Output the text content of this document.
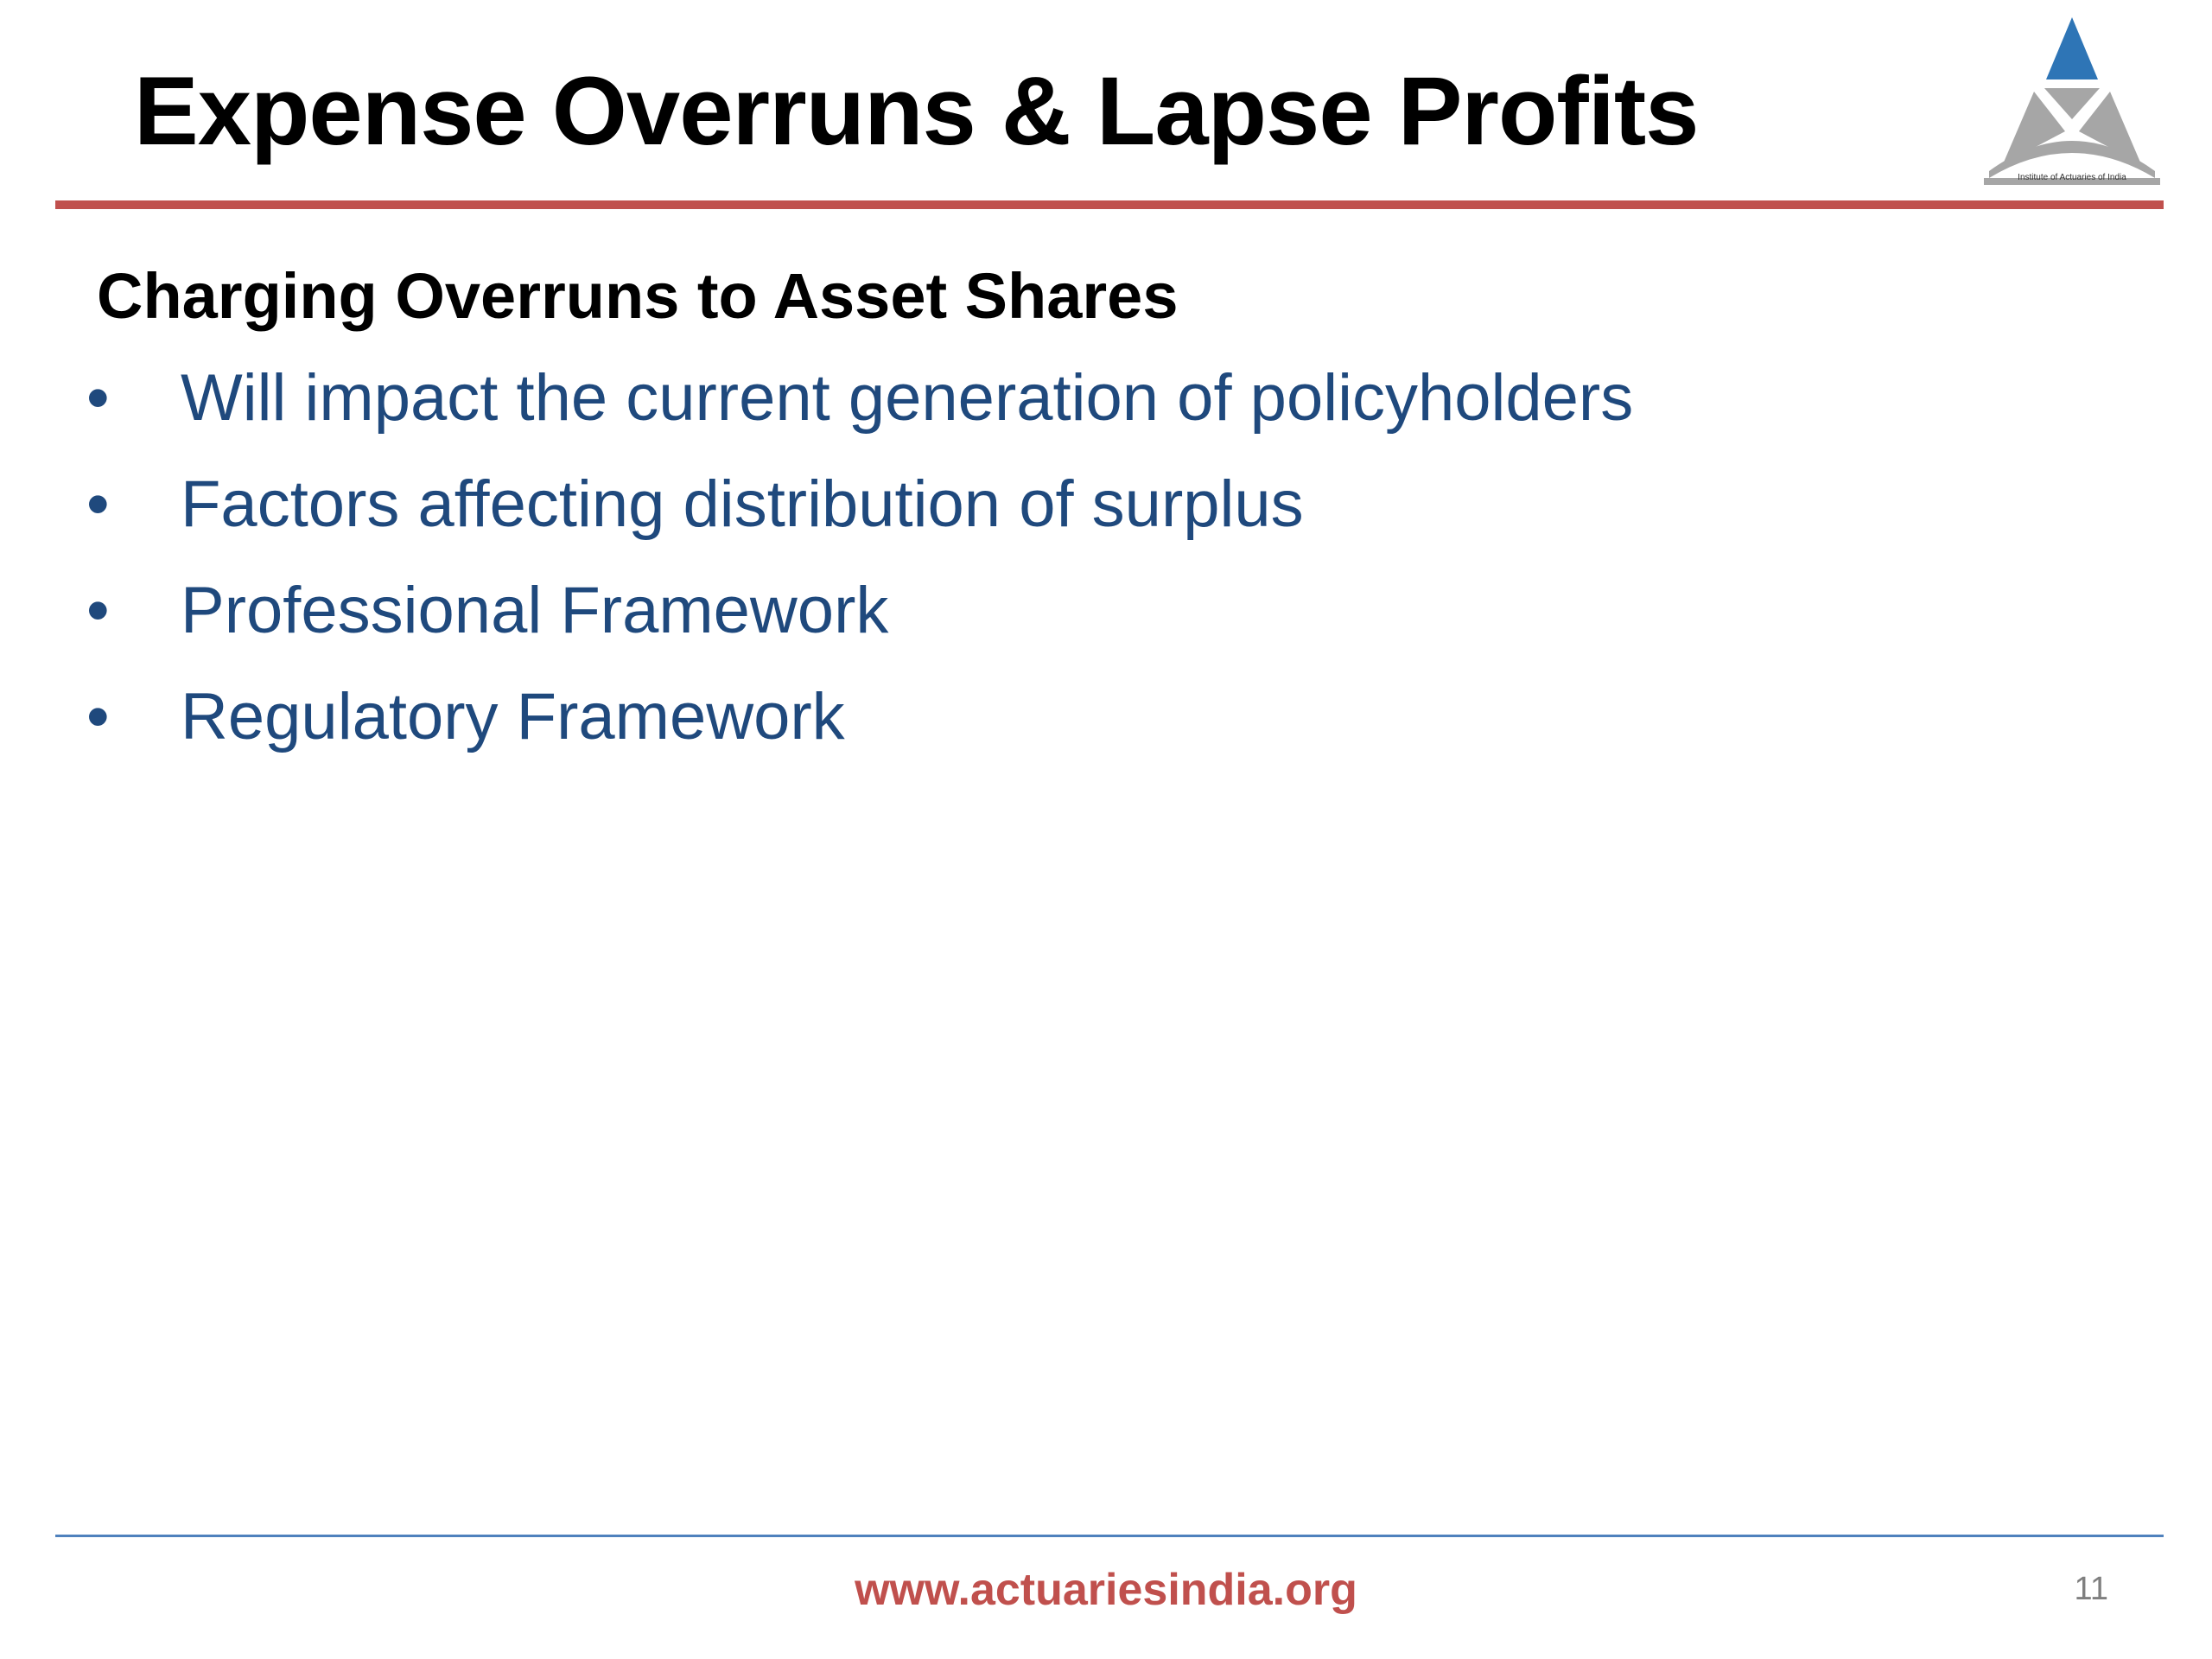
Expense Overruns & Lapse Profits
Institute of Actuaries of India
Charging Overruns to Asset Shares
• Will impact the current generation of policyholders
• Factors affecting distribution of surplus
• Professional Framework
• Regulatory Framework
www.actuariesindia.org	11
